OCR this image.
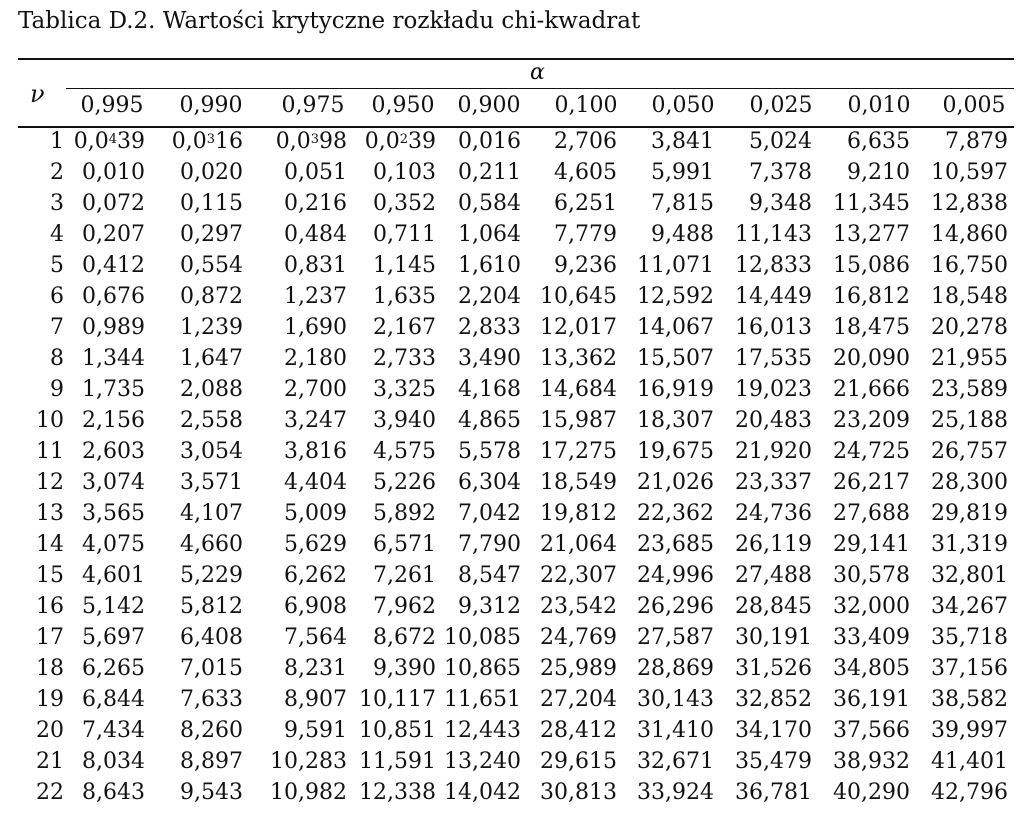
Tablica D.2. Wartości krytyczne rozkładu chi-kwadrat
ν
α
0,995	0,990	0,975	0,950	0,900	0,100	0,050	0,025	0,010	0,005
1 $0,0^439$ $0,0^316$ $0,0^398$ $0,0^239$ 0,016 2,706 3,841 5,024 6,635 7,879
2 0,010 0,020 0,051 0,103 0,211 4,605 5,991 7,378 9,210 10,597
3 0,072 0,115 0,216 0,352 0,584 6,251 7,815 9,348 11,345 12,838
4 0,207 0,297 0,484 0,711 1,064 7,779 9,488 11,143 13,277 14,860
5 0,412 0,554 0,831 1,145 1,610 9,236 11,071 12,833 15,086 16,750
6 0,676 0,872 1,237 1,635 2,204 10,645 12,592 14,449 16,812 18,548
7 0,989 1,239 1,690 2,167 2,833 12,017 14,067 16,013 18,475 20,278
8 1,344 1,647 2,180 2,733 3,490 13,362 15,507 17,535 20,090 21,955
9 1,735 2,088 2,700 3,325 4,168 14,684 16,919 19,023 21,666 23,589
10 2,156 2,558 3,247 3,940 4,865 15,987 18,307 20,483 23,209 25,188
11 2,603 3,054 3,816 4,575 5,578 17,275 19,675 21,920 24,725 26,757
12 3,074 3,571 4,404 5,226 6,304 18,549 21,026 23,337 26,217 28,300
13 3,565 4,107 5,009 5,892 7,042 19,812 22,362 24,736 27,688 29,819
14 4,075 4,660 5,629 6,571 7,790 21,064 23,685 26,119 29,141 31,319
15 4,601 5,229 6,262 7,261 8,547 22,307 24,996 27,488 30,578 32,801
16 5,142 5,812 6,908 7,962 9,312 23,542 26,296 28,845 32,000 34,267
17 5,697 6,408 7,564 8,672 10,085 24,769 27,587 30,191 33,409 35,718
18 6,265 7,015 8,231 9,390 10,865 25,989 28,869 31,526 34,805 37,156
19 6,844 7,633 8,907 10,117 11,651 27,204 30,143 32,852 36,191 38,582
20 7,434 8,260 9,591 10,851 12,443 28,412 31,410 34,170 37,566 39,997
21 8,034 8,897 10,283 11,591 13,240 29,615 32,671 35,479 38,932 41,401
22 8,643 9,543 10,982 12,338 14,042 30,813 33,924 36,781 40,290 42,796
